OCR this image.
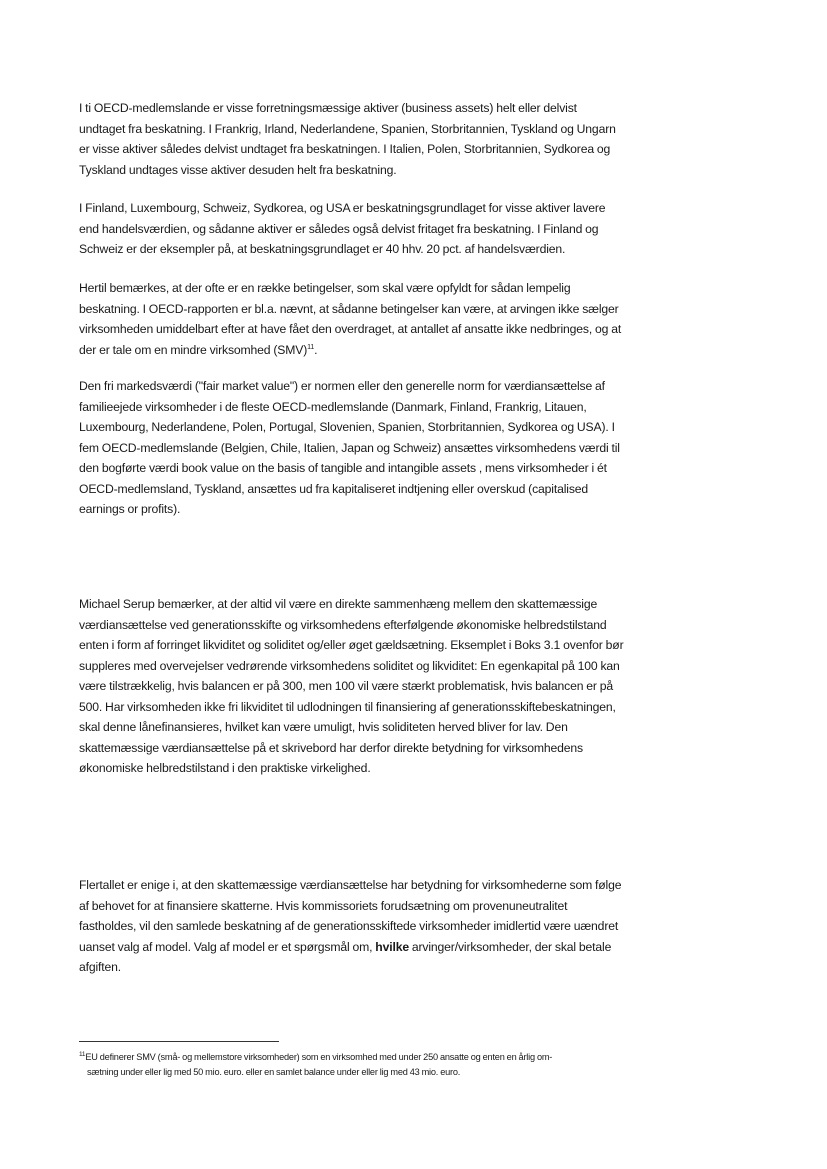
I ti OECD-medlemslande er visse forretningsmæssige aktiver (business assets) helt eller delvist undtaget fra beskatning. I Frankrig, Irland, Nederlandene, Spanien, Storbritannien, Tyskland og Ungarn er visse aktiver således delvist undtaget fra beskatningen. I Italien, Polen, Storbritannien, Sydkorea og Tyskland undtages visse aktiver desuden helt fra beskatning.

I Finland, Luxembourg, Schweiz, Sydkorea, og USA er beskatningsgrundlaget for visse aktiver lavere end handelsværdien, og sådanne aktiver er således også delvist fritaget fra beskatning. I Finland og Schweiz er der eksempler på, at beskatningsgrundlaget er 40 hhv. 20 pct. af handelsværdien.

Hertil bemærkes, at der ofte er en række betingelser, som skal være opfyldt for sådan lempelig beskatning. I OECD-rapporten er bl.a. nævnt, at sådanne betingelser kan være, at arvingen ikke sælger virksomheden umiddelbart efter at have fået den overdraget, at antallet af ansatte ikke nedbringes, og at der er tale om en mindre virksomhed (SMV)$^{11}$.

Den fri markedsværdi ("fair market value") er normen eller den generelle norm for værdiansættelse af familieejede virksomheder i de fleste OECD-medlemslande (Danmark, Finland, Frankrig, Litauen, Luxembourg, Nederlandene, Polen, Portugal, Slovenien, Spanien, Storbritannien, Sydkorea og USA). I fem OECD-medlemslande (Belgien, Chile, Italien, Japan og Schweiz) ansættes virksomhedens værdi til den bogførte værdi book value on the basis of tangible and intangible assets , mens virksomheder i ét OECD-medlemsland, Tyskland, ansættes ud fra kapitaliseret indtjening eller overskud (capitalised earnings or profits).

Michael Serup bemærker, at der altid vil være en direkte sammenhæng mellem den skattemæssige værdiansættelse ved generationsskifte og virksomhedens efterfølgende økonomiske helbredstilstand enten i form af forringet likviditet og soliditet og/eller øget gældsætning. Eksemplet i Boks 3.1 ovenfor bør suppleres med overvejelser vedrørende virksomhedens soliditet og likviditet: En egenkapital på 100 kan være tilstrækkelig, hvis balancen er på 300, men 100 vil være stærkt problematisk, hvis balancen er på 500. Har virksomheden ikke fri likviditet til udlodningen til finansiering af generationsskiftebeskatningen, skal denne lånefinansieres, hvilket kan være umuligt, hvis soliditeten herved bliver for lav. Den skattemæssige værdiansættelse på et skrivebord har derfor direkte betydning for virksomhedens økonomiske helbredstilstand i den praktiske virkelighed.

Flertallet er enige i, at den skattemæssige værdiansættelse har betydning for virksomhederne som følge af behovet for at finansiere skatterne. Hvis kommissoriets forudsætning om provenuneutralitet fastholdes, vil den samlede beskatning af de generationsskiftede virksomheder imidlertid være uændret uanset valg af model. Valg af model er et spørgsmål om, hvilke arvinger/virksomheder, der skal betale afgiften.

$^{11}$EU definerer SMV (små- og mellemstore virksomheder) som en virksomhed med under 250 ansatte og enten en årlig om-
sætning under eller lig med 50 mio. euro. eller en samlet balance under eller lig med 43 mio. euro.
